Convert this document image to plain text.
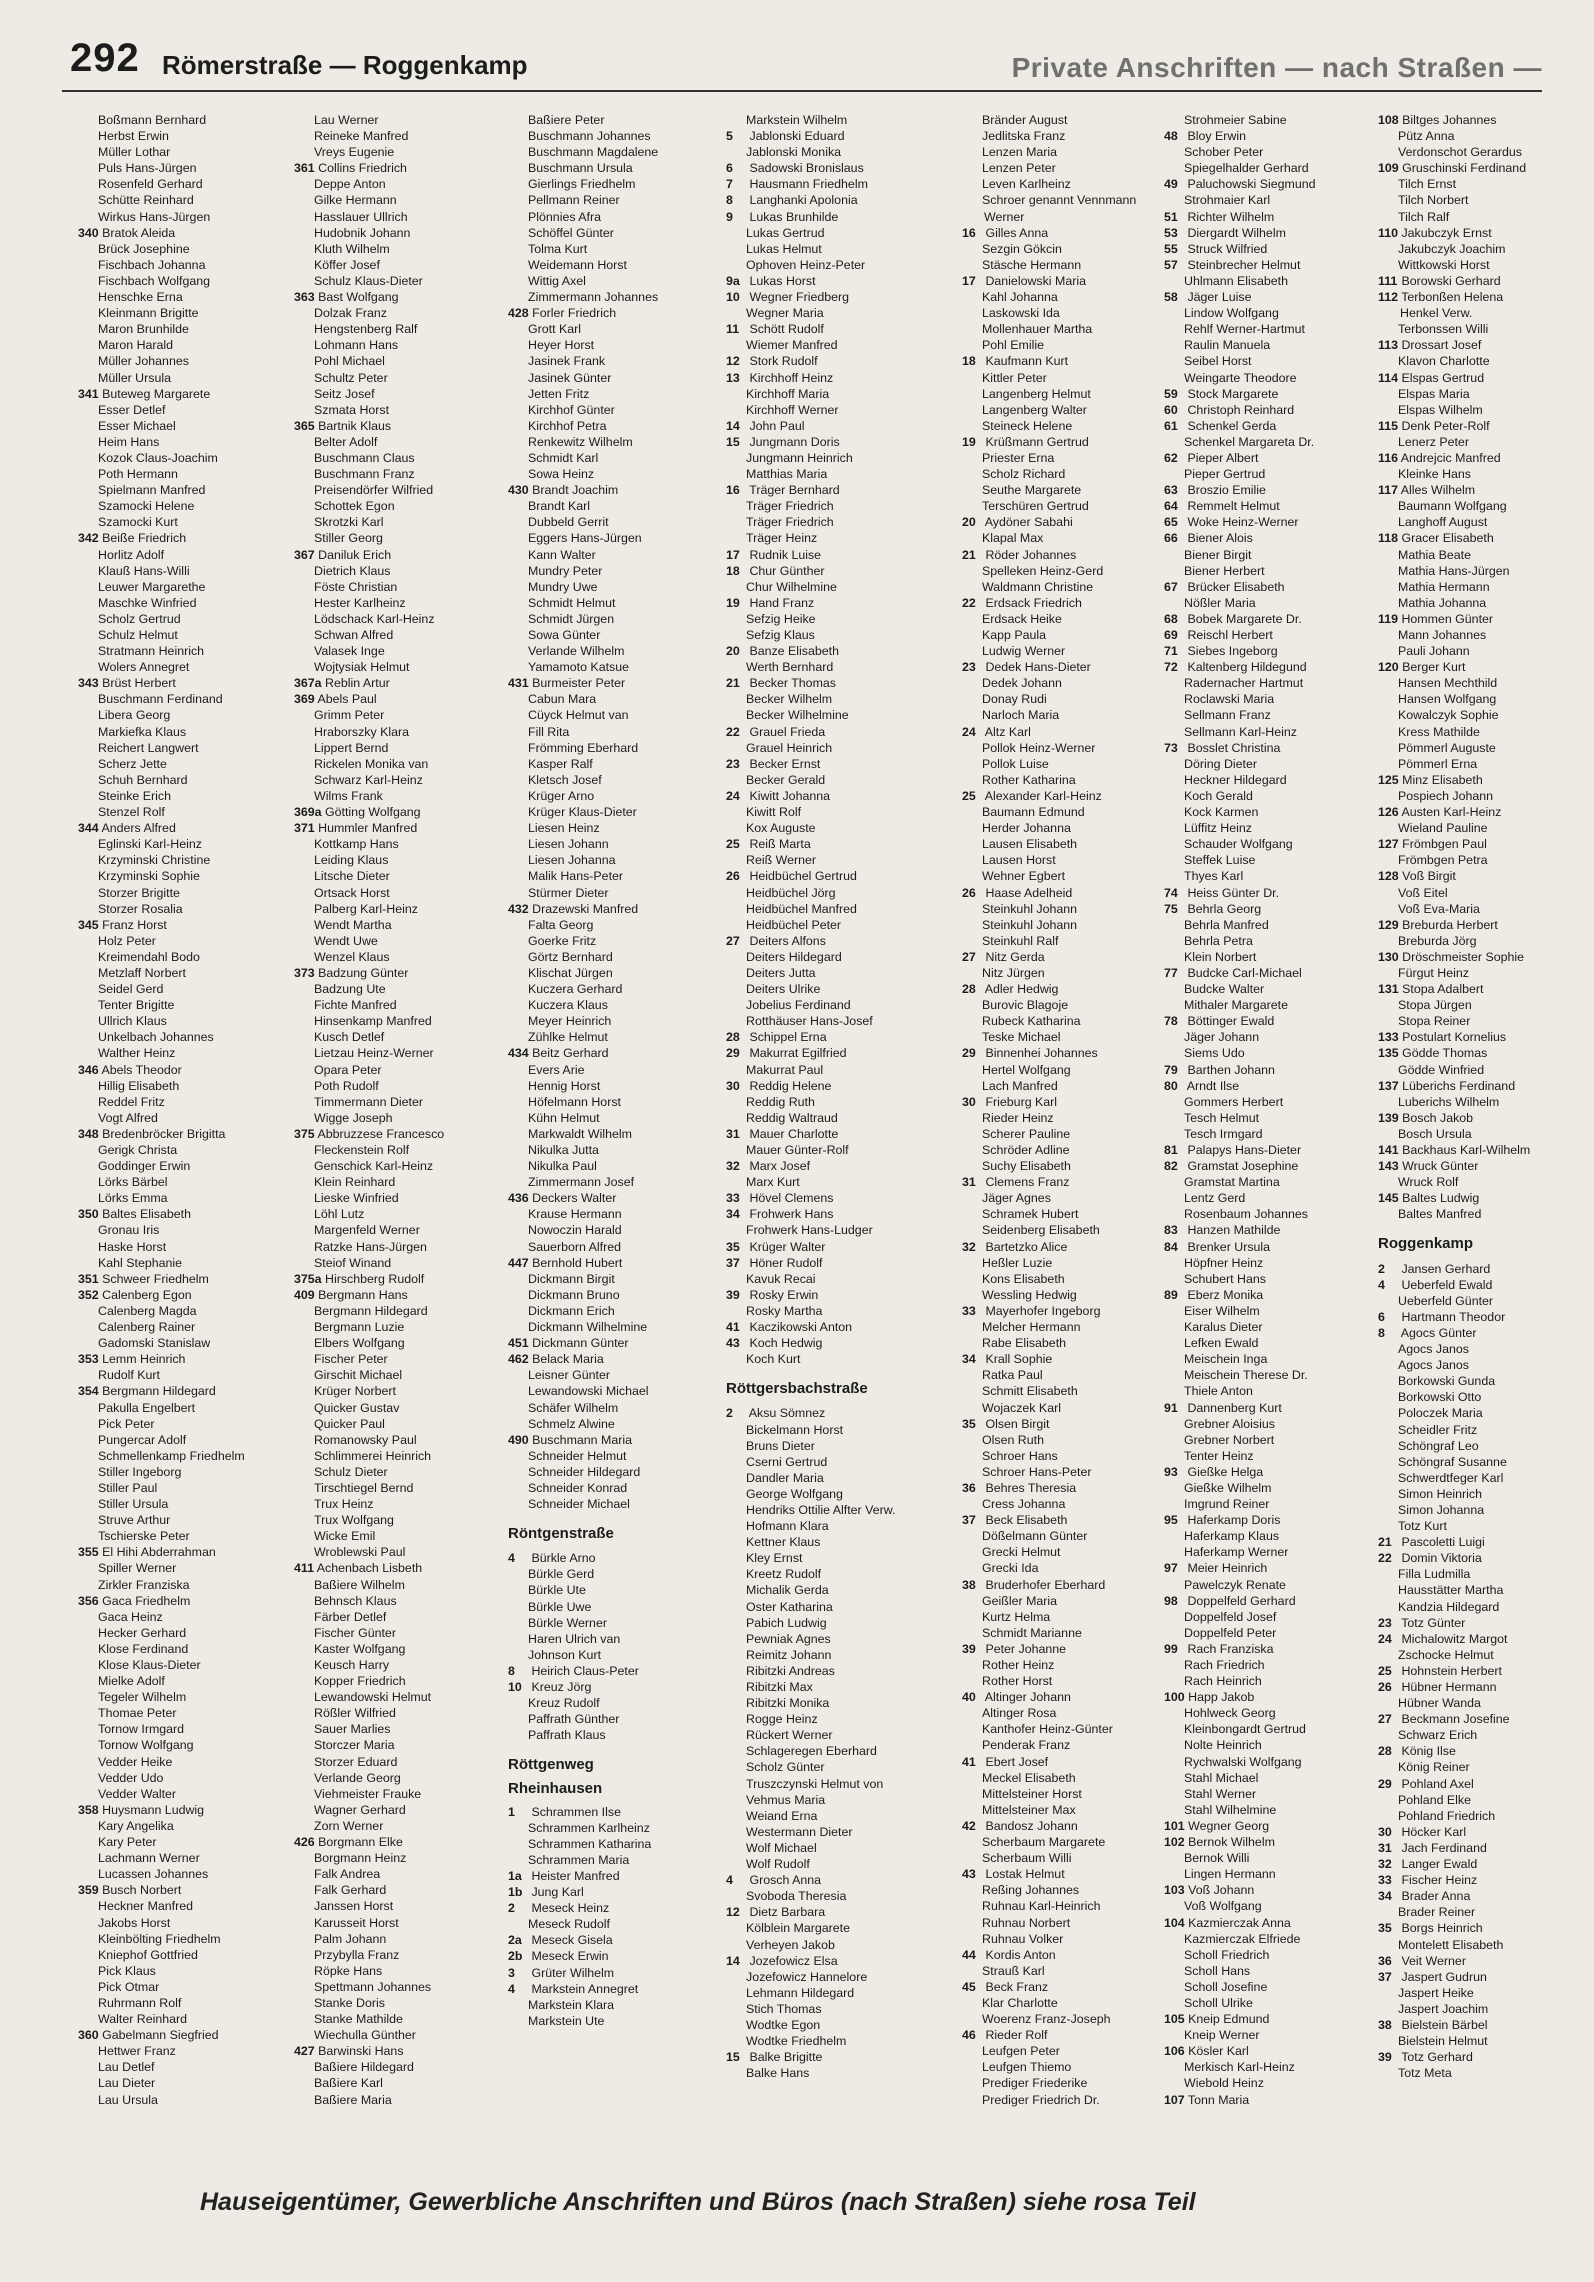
292 Römerstraße — Roggenkamp	Private Anschriften — nach Straßen —
Boßmann Bernhard
Herbst Erwin
Müller Lothar
Puls Hans-Jürgen
Rosenfeld Gerhard
Schütte Reinhard
Wirkus Hans-Jürgen
340 Bratok Aleida
Brück Josephine
Fischbach Johanna
Fischbach Wolfgang
Henschke Erna
Kleinmann Brigitte
Maron Brunhilde
Maron Harald
Müller Johannes
Müller Ursula
341 Buteweg Margarete
Esser Detlef
Esser Michael
Heim Hans
Kozok Claus-Joachim
Poth Hermann
Spielmann Manfred
Szamocki Helene
Szamocki Kurt
342 Beiße Friedrich
Horlitz Adolf
Klauß Hans-Willi
Leuwer Margarethe
Maschke Winfried
Scholz Gertrud
Schulz Helmut
Stratmann Heinrich
Wolers Annegret
343 Brüst Herbert
Buschmann Ferdinand
Libera Georg
Markiefka Klaus
Reichert Langwert
Scherz Jette
Schuh Bernhard
Steinke Erich
Stenzel Rolf
344 Anders Alfred
Eglinski Karl-Heinz
Krzyminski Christine
Krzyminski Sophie
Storzer Brigitte
Storzer Rosalia
345 Franz Horst
Holz Peter
Kreimendahl Bodo
Metzlaff Norbert
Seidel Gerd
Tenter Brigitte
Ullrich Klaus
Unkelbach Johannes
Walther Heinz
346 Abels Theodor
Hillig Elisabeth
Reddel Fritz
Vogt Alfred
348 Bredenbröcker Brigitta
Gerigk Christa
Goddinger Erwin
Lörks Bärbel
Lörks Emma
350 Baltes Elisabeth
Gronau Iris
Haske Horst
Kahl Stephanie
351 Schweer Friedhelm
352 Calenberg Egon
Calenberg Magda
Calenberg Rainer
Gadomski Stanislaw
353 Lemm Heinrich
Rudolf Kurt
354 Bergmann Hildegard
Pakulla Engelbert
Pick Peter
Pungercar Adolf
Schmellenkamp Friedhelm
Stiller Ingeborg
Stiller Paul
Stiller Ursula
Struve Arthur
Tschierske Peter
355 El Hihi Abderrahman
Spiller Werner
Zirkler Franziska
356 Gaca Friedhelm
Gaca Heinz
Hecker Gerhard
Klose Ferdinand
Klose Klaus-Dieter
Mielke Adolf
Tegeler Wilhelm
Thomae Peter
Tornow Irmgard
Tornow Wolfgang
Vedder Heike
Vedder Udo
Vedder Walter
358 Huysmann Ludwig
Kary Angelika
Kary Peter
Lachmann Werner
Lucassen Johannes
359 Busch Norbert
Heckner Manfred
Jakobs Horst
Kleinbölting Friedhelm
Kniephof Gottfried
Pick Klaus
Pick Otmar
Ruhrmann Rolf
Walter Reinhard
360 Gabelmann Siegfried
Hettwer Franz
Lau Detlef
Lau Dieter
Lau Ursula
Lau Werner
Reineke Manfred
Vreys Eugenie
361 Collins Friedrich
Deppe Anton
Gilke Hermann
Hasslauer Ullrich
Hudobnik Johann
Kluth Wilhelm
Köffer Josef
Schulz Klaus-Dieter
363 Bast Wolfgang
Dolzak Franz
Hengstenberg Ralf
Lohmann Hans
Pohl Michael
Schultz Peter
Seitz Josef
Szmata Horst
365 Bartnik Klaus
Belter Adolf
Buschmann Claus
Buschmann Franz
Preisendörfer Wilfried
Schottek Egon
Skrotzki Karl
Stiller Georg
367 Daniluk Erich
Dietrich Klaus
Föste Christian
Hester Karlheinz
Lödschack Karl-Heinz
Schwan Alfred
Valasek Inge
Wojtysiak Helmut
367a Reblin Artur
369 Abels Paul
Grimm Peter
Hraborszky Klara
Lippert Bernd
Rickelen Monika van
Schwarz Karl-Heinz
Wilms Frank
369a Götting Wolfgang
371 Hummler Manfred
Kottkamp Hans
Leiding Klaus
Litsche Dieter
Ortsack Horst
Palberg Karl-Heinz
Wendt Martha
Wendt Uwe
Wenzel Klaus
373 Badzung Günter
Badzung Ute
Fichte Manfred
Hinsenkamp Manfred
Kusch Detlef
Lietzau Heinz-Werner
Opara Peter
Poth Rudolf
Timmermann Dieter
Wigge Joseph
375 Abbruzzese Francesco
Fleckenstein Rolf
Genschick Karl-Heinz
Klein Reinhard
Lieske Winfried
Löhl Lutz
Margenfeld Werner
Ratzke Hans-Jürgen
Steiof Winand
375a Hirschberg Rudolf
409 Bergmann Hans
Bergmann Hildegard
Bergmann Luzie
Elbers Wolfgang
Fischer Peter
Girschit Michael
Krüger Norbert
Quicker Gustav
Quicker Paul
Romanowsky Paul
Schlimmerei Heinrich
Schulz Dieter
Tirschtiegel Bernd
Trux Heinz
Trux Wolfgang
Wicke Emil
Wroblewski Paul
411 Achenbach Lisbeth
Baßiere Wilhelm
Behnsch Klaus
Färber Detlef
Fischer Günter
Kaster Wolfgang
Keusch Harry
Kopper Friedrich
Lewandowski Helmut
Rößler Wilfried
Sauer Marlies
Storczer Maria
Storzer Eduard
Verlande Georg
Viehmeister Frauke
Wagner Gerhard
Zorn Werner
426 Borgmann Elke
Borgmann Heinz
Falk Andrea
Falk Gerhard
Janssen Horst
Karusseit Horst
Palm Johann
Przybylla Franz
Röpke Hans
Spettmann Johannes
Stanke Doris
Stanke Mathilde
Wiechulla Günther
427 Barwinski Hans
Baßiere Hildegard
Baßiere Karl
Baßiere Maria
Baßiere Peter
Buschmann Johannes
Buschmann Magdalene
Buschmann Ursula
Gierlings Friedhelm
Pellmann Reiner
Plönnies Afra
Schöffel Günter
Tolma Kurt
Weidemann Horst
Wittig Axel
Zimmermann Johannes
428 Forler Friedrich
Grott Karl
Heyer Horst
Jasinek Frank
Jasinek Günter
Jetten Fritz
Kirchhof Günter
Kirchhof Petra
Renkewitz Wilhelm
Schmidt Karl
Sowa Heinz
430 Brandt Joachim
Brandt Karl
Dubbeld Gerrit
Eggers Hans-Jürgen
Kann Walter
Mundry Peter
Mundry Uwe
Schmidt Helmut
Schmidt Jürgen
Sowa Günter
Verlande Wilhelm
Yamamoto Katsue
431 Burmeister Peter
Cabun Mara
Cüyck Helmut van
Fill Rita
Frömming Eberhard
Kasper Ralf
Kletsch Josef
Krüger Arno
Krüger Klaus-Dieter
Liesen Heinz
Liesen Johann
Liesen Johanna
Malik Hans-Peter
Stürmer Dieter
432 Drazewski Manfred
Falta Georg
Goerke Fritz
Görtz Bernhard
Klischat Jürgen
Kuczera Gerhard
Kuczera Klaus
Meyer Heinrich
Zühlke Helmut
434 Beitz Gerhard
Evers Arie
Hennig Horst
Höfelmann Horst
Kühn Helmut
Markwaldt Wilhelm
Nikulka Jutta
Nikulka Paul
Zimmermann Josef
436 Deckers Walter
Krause Hermann
Nowoczin Harald
Sauerborn Alfred
447 Bernhold Hubert
Dickmann Birgit
Dickmann Bruno
Dickmann Erich
Dickmann Wilhelmine
451 Dickmann Günter
462 Belack Maria
Leisner Günter
Lewandowski Michael
Schäfer Wilhelm
Schmelz Alwine
490 Buschmann Maria
Schneider Helmut
Schneider Hildegard
Schneider Konrad
Schneider Michael
Röntgenstraße
4 Bürkle Arno
Bürkle Gerd
Bürkle Ute
Bürkle Uwe
Bürkle Werner
Haren Ulrich van
Johnson Kurt
8 Heirich Claus-Peter
10 Kreuz Jörg
Kreuz Rudolf
Paffrath Günther
Paffrath Klaus
Röttgenweg
Rheinhausen
1 Schrammen Ilse
Schrammen Karlheinz
Schrammen Katharina
Schrammen Maria
1a Heister Manfred
1b Jung Karl
2 Meseck Heinz
Meseck Rudolf
2a Meseck Gisela
2b Meseck Erwin
3 Grüter Wilhelm
4 Markstein Annegret
Markstein Klara
Markstein Ute
Markstein Wilhelm
5 Jablonski Eduard
Jablonski Monika
6 Sadowski Bronislaus
7 Hausmann Friedhelm
8 Langhanki Apolonia
9 Lukas Brunhilde
Lukas Gertrud
Lukas Helmut
Ophoven Heinz-Peter
9a Lukas Horst
10 Wegner Friedberg
Wegner Maria
11 Schött Rudolf
Wiemer Manfred
12 Stork Rudolf
13 Kirchhoff Heinz
Kirchhoff Maria
Kirchhoff Werner
14 John Paul
15 Jungmann Doris
Jungmann Heinrich
Matthias Maria
16 Träger Bernhard
Träger Friedrich
Träger Friedrich
Träger Heinz
17 Rudnik Luise
18 Chur Günther
Chur Wilhelmine
19 Hand Franz
Sefzig Heike
Sefzig Klaus
20 Banze Elisabeth
Werth Bernhard
21 Becker Thomas
Becker Wilhelm
Becker Wilhelmine
22 Grauel Frieda
Grauel Heinrich
23 Becker Ernst
Becker Gerald
24 Kiwitt Johanna
Kiwitt Rolf
Kox Auguste
25 Reiß Marta
Reiß Werner
26 Heidbüchel Gertrud
Heidbüchel Jörg
Heidbüchel Manfred
Heidbüchel Peter
27 Deiters Alfons
Deiters Hildegard
Deiters Jutta
Deiters Ulrike
Jobelius Ferdinand
Rotthäuser Hans-Josef
28 Schippel Erna
29 Makurrat Egilfried
Makurrat Paul
30 Reddig Helene
Reddig Ruth
Reddig Waltraud
31 Mauer Charlotte
Mauer Günter-Rolf
32 Marx Josef
Marx Kurt
33 Hövel Clemens
34 Frohwerk Hans
Frohwerk Hans-Ludger
35 Krüger Walter
37 Höner Rudolf
Kavuk Recai
39 Rosky Erwin
Rosky Martha
41 Kaczikowski Anton
43 Koch Hedwig
Koch Kurt
Röttgersbachstraße
2 Aksu Sömnez
Bickelmann Horst
Bruns Dieter
Cserni Gertrud
Dandler Maria
George Wolfgang
Hendriks Ottilie Alfter Verw.
Hofmann Klara
Kettner Klaus
Kley Ernst
Kreetz Rudolf
Michalik Gerda
Oster Katharina
Pabich Ludwig
Pewniak Agnes
Reimitz Johann
Ribitzki Andreas
Ribitzki Max
Ribitzki Monika
Rogge Heinz
Rückert Werner
Schlageregen Eberhard
Scholz Günter
Truszczynski Helmut von
Vehmus Maria
Weiand Erna
Westermann Dieter
Wolf Michael
Wolf Rudolf
4 Grosch Anna
Svoboda Theresia
12 Dietz Barbara
Kölblein Margarete
Verheyen Jakob
14 Jozefowicz Elsa
Jozefowicz Hannelore
Lehmann Hildegard
Stich Thomas
Wodtke Egon
Wodtke Friedhelm
15 Balke Brigitte
Balke Hans
Bränder August
Jedlitska Franz
Lenzen Maria
Lenzen Peter
Leven Karlheinz
Schroer genannt Vennmann
Werner
16 Gilles Anna
Sezgin Gökcin
Stäsche Hermann
17 Danielowski Maria
Kahl Johanna
Laskowski Ida
Mollenhauer Martha
Pohl Emilie
18 Kaufmann Kurt
Kittler Peter
Langenberg Helmut
Langenberg Walter
Steineck Helene
19 Krüßmann Gertrud
Priester Erna
Scholz Richard
Seuthe Margarete
Terschüren Gertrud
20 Aydöner Sabahi
Klapal Max
21 Röder Johannes
Spelleken Heinz-Gerd
Waldmann Christine
22 Erdsack Friedrich
Erdsack Heike
Kapp Paula
Ludwig Werner
23 Dedek Hans-Dieter
Dedek Johann
Donay Rudi
Narloch Maria
24 Altz Karl
Pollok Heinz-Werner
Pollok Luise
Rother Katharina
25 Alexander Karl-Heinz
Baumann Edmund
Herder Johanna
Lausen Elisabeth
Lausen Horst
Wehner Egbert
26 Haase Adelheid
Steinkuhl Johann
Steinkuhl Johann
Steinkuhl Ralf
27 Nitz Gerda
Nitz Jürgen
28 Adler Hedwig
Burovic Blagoje
Rubeck Katharina
Teske Michael
29 Binnenhei Johannes
Hertel Wolfgang
Lach Manfred
30 Frieburg Karl
Rieder Heinz
Scherer Pauline
Schröder Adline
Suchy Elisabeth
31 Clemens Franz
Jäger Agnes
Schramek Hubert
Seidenberg Elisabeth
32 Bartetzko Alice
Heßler Luzie
Kons Elisabeth
Wessling Hedwig
33 Mayerhofer Ingeborg
Melcher Hermann
Rabe Elisabeth
34 Krall Sophie
Ratka Paul
Schmitt Elisabeth
Wojaczek Karl
35 Olsen Birgit
Olsen Ruth
Schroer Hans
Schroer Hans-Peter
36 Behres Theresia
Cress Johanna
37 Beck Elisabeth
Dößelmann Günter
Grecki Helmut
Grecki Ida
38 Bruderhofer Eberhard
Geißler Maria
Kurtz Helma
Schmidt Marianne
39 Peter Johanne
Rother Heinz
Rother Horst
40 Altinger Johann
Altinger Rosa
Kanthofer Heinz-Günter
Penderak Franz
41 Ebert Josef
Meckel Elisabeth
Mittelsteiner Horst
Mittelsteiner Max
42 Bandosz Johann
Scherbaum Margarete
Scherbaum Willi
43 Lostak Helmut
Reßing Johannes
Ruhnau Karl-Heinrich
Ruhnau Norbert
Ruhnau Volker
44 Kordis Anton
Strauß Karl
45 Beck Franz
Klar Charlotte
Woerenz Franz-Joseph
46 Rieder Rolf
Leufgen Peter
Leufgen Thiemo
Prediger Friederike
Prediger Friedrich Dr.
Strohmeier Sabine
48 Bloy Erwin
Schober Peter
Spiegelhalder Gerhard
49 Paluchowski Siegmund
Strohmaier Karl
51 Richter Wilhelm
53 Diergardt Wilhelm
55 Struck Wilfried
57 Steinbrecher Helmut
Uhlmann Elisabeth
58 Jäger Luise
Lindow Wolfgang
Rehlf Werner-Hartmut
Raulin Manuela
Seibel Horst
Weingarte Theodore
59 Stock Margarete
60 Christoph Reinhard
61 Schenkel Gerda
Schenkel Margareta Dr.
62 Pieper Albert
Pieper Gertrud
63 Broszio Emilie
64 Remmelt Helmut
65 Woke Heinz-Werner
66 Biener Alois
Biener Birgit
Biener Herbert
67 Brücker Elisabeth
Nößler Maria
68 Bobek Margarete Dr.
69 Reischl Herbert
71 Siebes Ingeborg
72 Kaltenberg Hildegund
Radernacher Hartmut
Roclawski Maria
Sellmann Franz
Sellmann Karl-Heinz
73 Bosslet Christina
Döring Dieter
Heckner Hildegard
Koch Gerald
Kock Karmen
Lüffitz Heinz
Schauder Wolfgang
Steffek Luise
Thyes Karl
74 Heiss Günter Dr.
75 Behrla Georg
Behrla Manfred
Behrla Petra
Klein Norbert
77 Budcke Carl-Michael
Budcke Walter
Mithaler Margarete
78 Böttinger Ewald
Jäger Johann
Siems Udo
79 Barthen Johann
80 Arndt Ilse
Gommers Herbert
Tesch Helmut
Tesch Irmgard
81 Palapys Hans-Dieter
82 Gramstat Josephine
Gramstat Martina
Lentz Gerd
Rosenbaum Johannes
83 Hanzen Mathilde
84 Brenker Ursula
Höpfner Heinz
Schubert Hans
89 Eberz Monika
Eiser Wilhelm
Karalus Dieter
Lefken Ewald
Meischein Inga
Meischein Therese Dr.
Thiele Anton
91 Dannenberg Kurt
Grebner Aloisius
Grebner Norbert
Tenter Heinz
93 Gießke Helga
Gießke Wilhelm
Imgrund Reiner
95 Haferkamp Doris
Haferkamp Klaus
Haferkamp Werner
97 Meier Heinrich
Pawelczyk Renate
98 Doppelfeld Gerhard
Doppelfeld Josef
Doppelfeld Peter
99 Rach Franziska
Rach Friedrich
Rach Heinrich
100 Happ Jakob
Hohlweck Georg
Kleinbongardt Gertrud
Nolte Heinrich
Rychwalski Wolfgang
Stahl Michael
Stahl Werner
Stahl Wilhelmine
101 Wegner Georg
102 Bernok Wilhelm
Bernok Willi
Lingen Hermann
103 Voß Johann
Voß Wolfgang
104 Kazmierczak Anna
Kazmierczak Elfriede
Scholl Friedrich
Scholl Hans
Scholl Josefine
Scholl Ulrike
105 Kneip Edmund
Kneip Werner
106 Kösler Karl
Merkisch Karl-Heinz
Wiebold Heinz
107 Tonn Maria
108 Biltges Johannes
Pütz Anna
Verdonschot Gerardus
109 Gruschinski Ferdinand
Tilch Ernst
Tilch Norbert
Tilch Ralf
110 Jakubczyk Ernst
Jakubczyk Joachim
Wittkowski Horst
111 Borowski Gerhard
112 Terbonßen Helena
Henkel Verw.
Terbonssen Willi
113 Drossart Josef
Klavon Charlotte
114 Elspas Gertrud
Elspas Maria
Elspas Wilhelm
115 Denk Peter-Rolf
Lenerz Peter
116 Andrejcic Manfred
Kleinke Hans
117 Alles Wilhelm
Baumann Wolfgang
Langhoff August
118 Gracer Elisabeth
Mathia Beate
Mathia Hans-Jürgen
Mathia Hermann
Mathia Johanna
119 Hommen Günter
Mann Johannes
Pauli Johann
120 Berger Kurt
Hansen Mechthild
Hansen Wolfgang
Kowalczyk Sophie
Kress Mathilde
Pömmerl Auguste
Pömmerl Erna
125 Minz Elisabeth
Pospiech Johann
126 Austen Karl-Heinz
Wieland Pauline
127 Frömbgen Paul
Frömbgen Petra
128 Voß Birgit
Voß Eitel
Voß Eva-Maria
129 Breburda Herbert
Breburda Jörg
130 Dröschmeister Sophie
Fürgut Heinz
131 Stopa Adalbert
Stopa Jürgen
Stopa Reiner
133 Postulart Kornelius
135 Gödde Thomas
Gödde Winfried
137 Lüberichs Ferdinand
Luberichs Wilhelm
139 Bosch Jakob
Bosch Ursula
141 Backhaus Karl-Wilhelm
143 Wruck Günter
Wruck Rolf
145 Baltes Ludwig
Baltes Manfred
Roggenkamp
2 Jansen Gerhard
4 Ueberfeld Ewald
Ueberfeld Günter
6 Hartmann Theodor
8 Agocs Günter
Agocs Janos
Agocs Janos
Borkowski Gunda
Borkowski Otto
Poloczek Maria
Scheidler Fritz
Schöngraf Leo
Schöngraf Susanne
Schwerdtfeger Karl
Simon Heinrich
Simon Johanna
Totz Kurt
21 Pascoletti Luigi
22 Domin Viktoria
Filla Ludmilla
Hausstätter Martha
Kandzia Hildegard
23 Totz Günter
24 Michalowitz Margot
Zschocke Helmut
25 Hohnstein Herbert
26 Hübner Hermann
Hübner Wanda
27 Beckmann Josefine
Schwarz Erich
28 König Ilse
König Reiner
29 Pohland Axel
Pohland Elke
Pohland Friedrich
30 Höcker Karl
31 Jach Ferdinand
32 Langer Ewald
33 Fischer Heinz
34 Brader Anna
Brader Reiner
35 Borgs Heinrich
Montelett Elisabeth
36 Veit Werner
37 Jaspert Gudrun
Jaspert Heike
Jaspert Joachim
38 Bielstein Bärbel
Bielstein Helmut
39 Totz Gerhard
Totz Meta
Hauseigentümer, Gewerbliche Anschriften und Büros (nach Straßen) siehe rosa Teil
